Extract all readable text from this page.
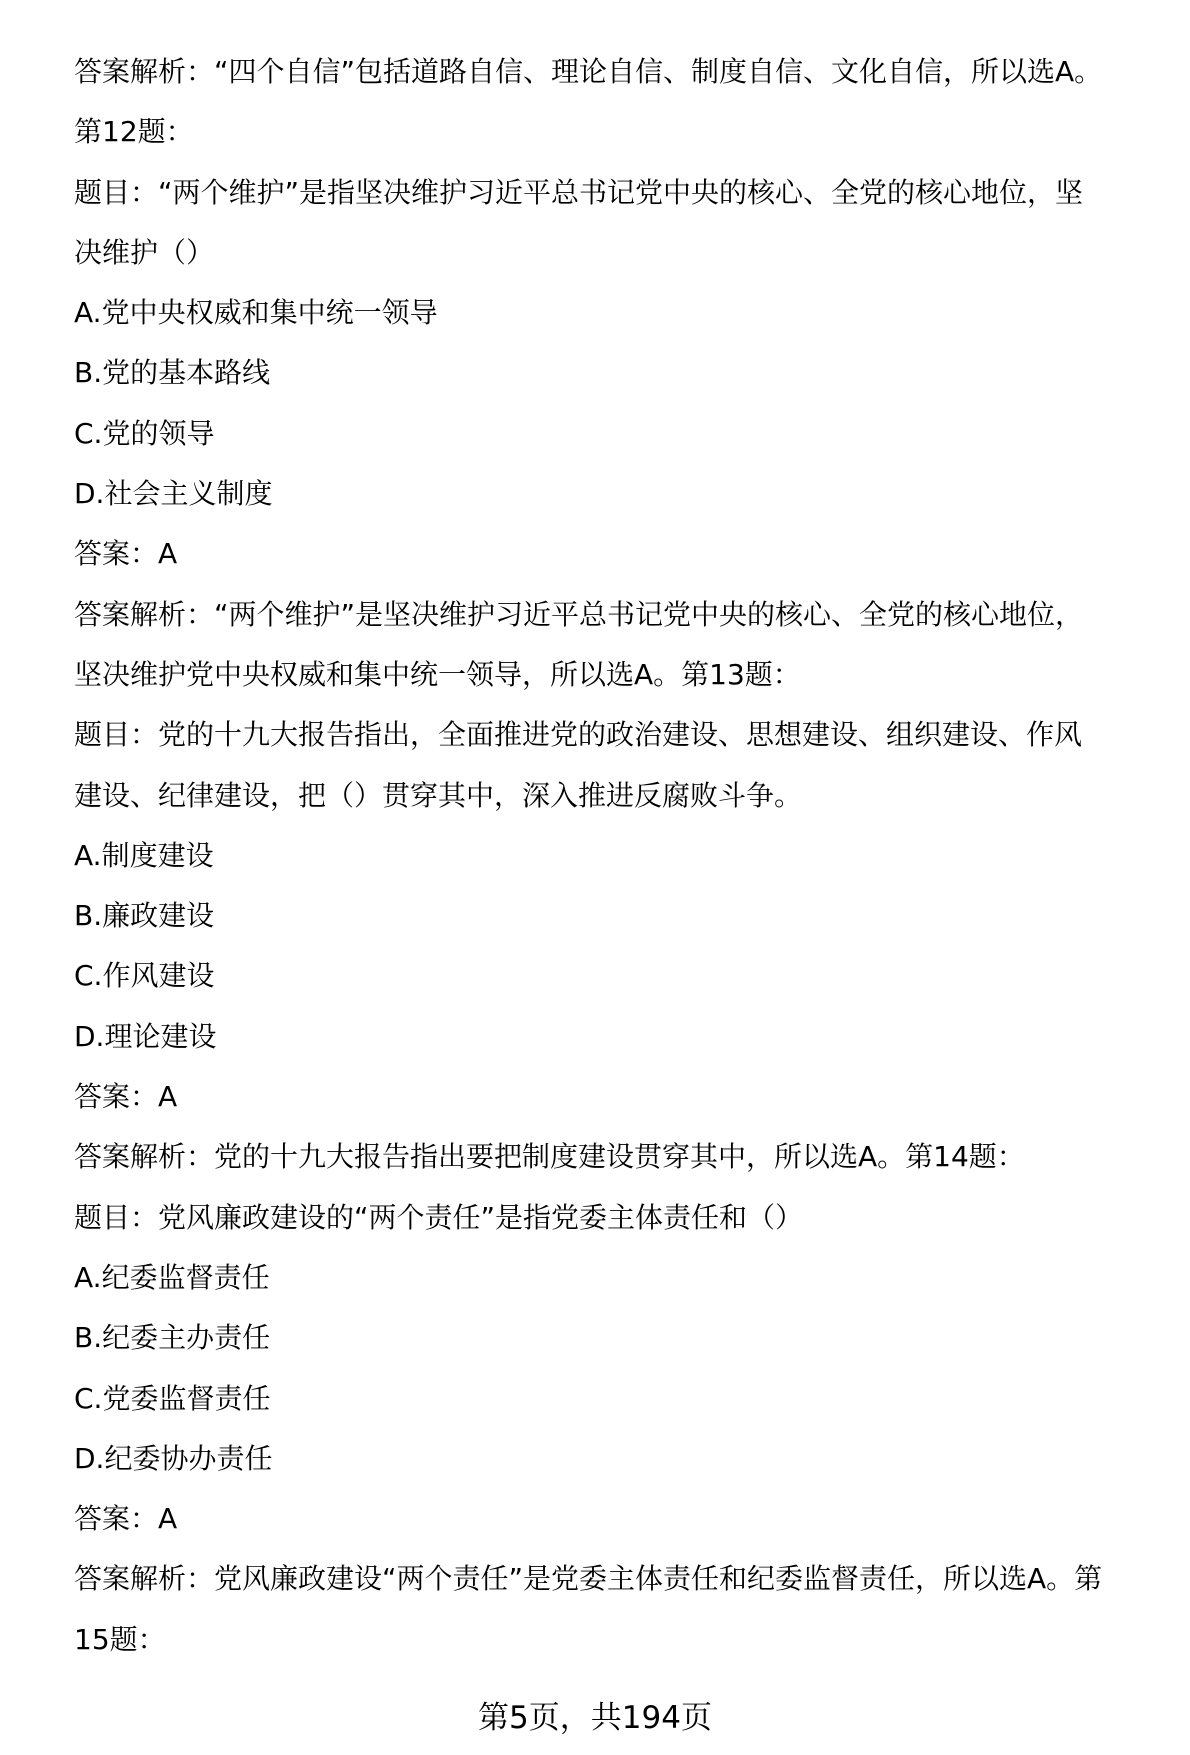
答案解析：“四个自信”包括道路自信、理论自信、制度自信、文化自信，所以选A。
第12题：
题目：“两个维护”是指坚决维护习近平总书记党中央的核心、全党的核心地位，坚
决维护（）
A.党中央权威和集中统一领导
B.党的基本路线
C.党的领导
D.社会主义制度
答案：A
答案解析：“两个维护”是坚决维护习近平总书记党中央的核心、全党的核心地位，
坚决维护党中央权威和集中统一领导，所以选A。第13题：
题目：党的十九大报告指出，全面推进党的政治建设、思想建设、组织建设、作风
建设、纪律建设，把（）贯穿其中，深入推进反腐败斗争。
A.制度建设
B.廉政建设
C.作风建设
D.理论建设
答案：A
答案解析：党的十九大报告指出要把制度建设贯穿其中，所以选A。第14题：
题目：党风廉政建设的“两个责任”是指党委主体责任和（）
A.纪委监督责任
B.纪委主办责任
C.党委监督责任
D.纪委协办责任
答案：A
答案解析：党风廉政建设“两个责任”是党委主体责任和纪委监督责任，所以选A。第
15题：
第5页，共194页
